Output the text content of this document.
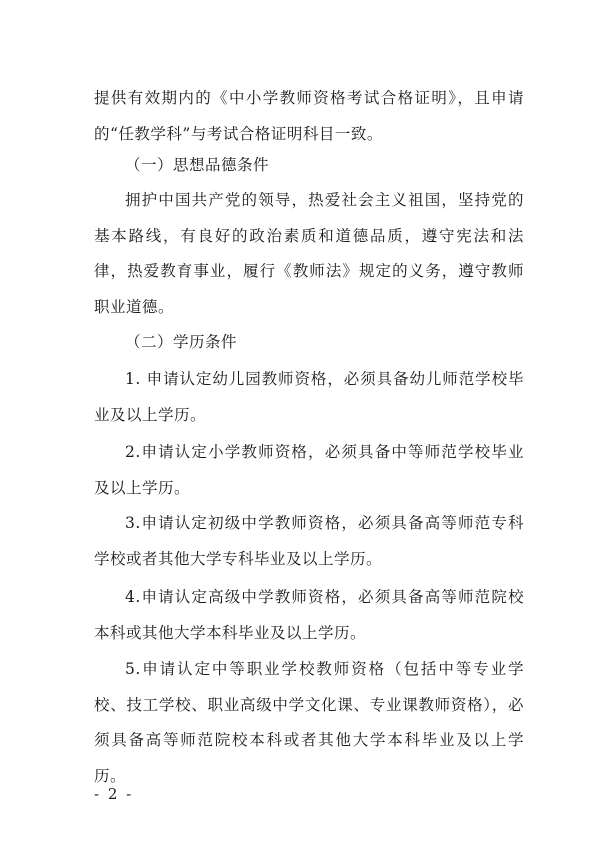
提供有效期内的《中小学教师资格考试合格证明》，且申请的“任教学科”与考试合格证明科目一致。

（一）思想品德条件

拥护中国共产党的领导，热爱社会主义祖国，坚持党的基本路线，有良好的政治素质和道德品质，遵守宪法和法律，热爱教育事业，履行《教师法》规定的义务，遵守教师职业道德。

（二）学历条件

1. 申请认定幼儿园教师资格，必须具备幼儿师范学校毕业及以上学历。

2.申请认定小学教师资格，必须具备中等师范学校毕业及以上学历。

3.申请认定初级中学教师资格，必须具备高等师范专科学校或者其他大学专科毕业及以上学历。

4.申请认定高级中学教师资格，必须具备高等师范院校本科或其他大学本科毕业及以上学历。

5.申请认定中等职业学校教师资格（包括中等专业学校、技工学校、职业高级中学文化课、专业课教师资格），必须具备高等师范院校本科或者其他大学本科毕业及以上学历。

- 2 -
